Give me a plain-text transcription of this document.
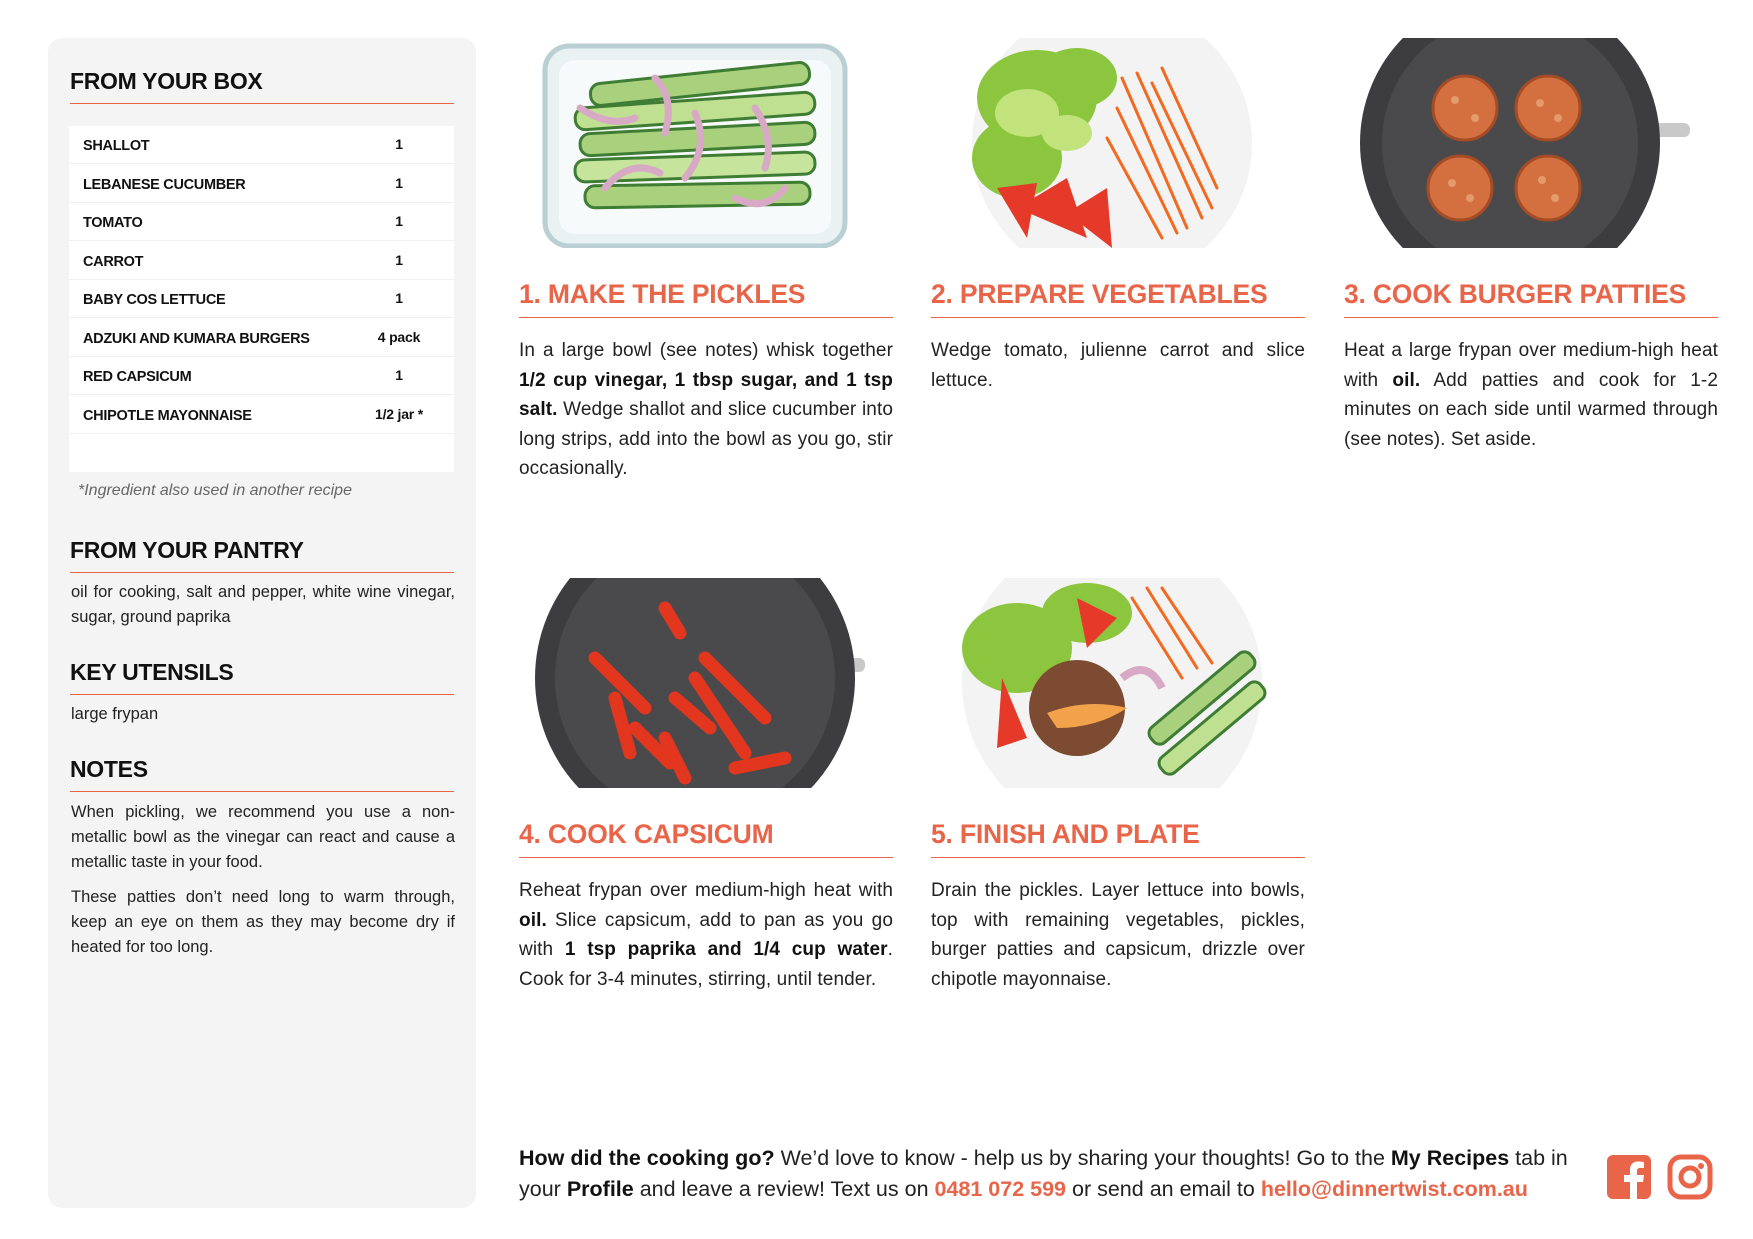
FROM YOUR BOX
SHALLOT	1
LEBANESE CUCUMBER	1
TOMATO	1
CARROT	1
BABY COS LETTUCE	1
ADZUKI AND KUMARA BURGERS	4 pack
RED CAPSICUM	1
CHIPOTLE MAYONNAISE	1/2 jar *
*Ingredient also used in another recipe
FROM YOUR PANTRY

oil for cooking, salt and pepper, white wine vinegar, sugar, ground paprika

KEY UTENSILS

large frypan

NOTES

When pickling, we recommend you use a non-metallic bowl as the vinegar can react and cause a metallic taste in your food.

These patties don’t need long to warm through, keep an eye on them as they may become dry if heated for too long.

1. MAKE THE PICKLES

In a large bowl (see notes) whisk together 1/2 cup vinegar, 1 tbsp sugar, and 1 tsp salt. Wedge shallot and slice cucumber into long strips, add into the bowl as you go, stir occasionally.

2. PREPARE VEGETABLES

Wedge tomato, julienne carrot and slice lettuce.

3. COOK BURGER PATTIES

Heat a large frypan over medium-high heat with oil. Add patties and cook for 1-2 minutes on each side until warmed through (see notes). Set aside.

4. COOK CAPSICUM

Reheat frypan over medium-high heat with oil. Slice capsicum, add to pan as you go with 1 tsp paprika and 1/4 cup water. Cook for 3-4 minutes, stirring, until tender.

5. FINISH AND PLATE

Drain the pickles. Layer lettuce into bowls, top with remaining vegetables, pickles, burger patties and capsicum, drizzle over chipotle mayonnaise.

How did the cooking go? We’d love to know - help us by sharing your thoughts! Go to the My Recipes tab in your Profile and leave a review! Text us on 0481 072 599 or send an email to hello@dinnertwist.com.au
